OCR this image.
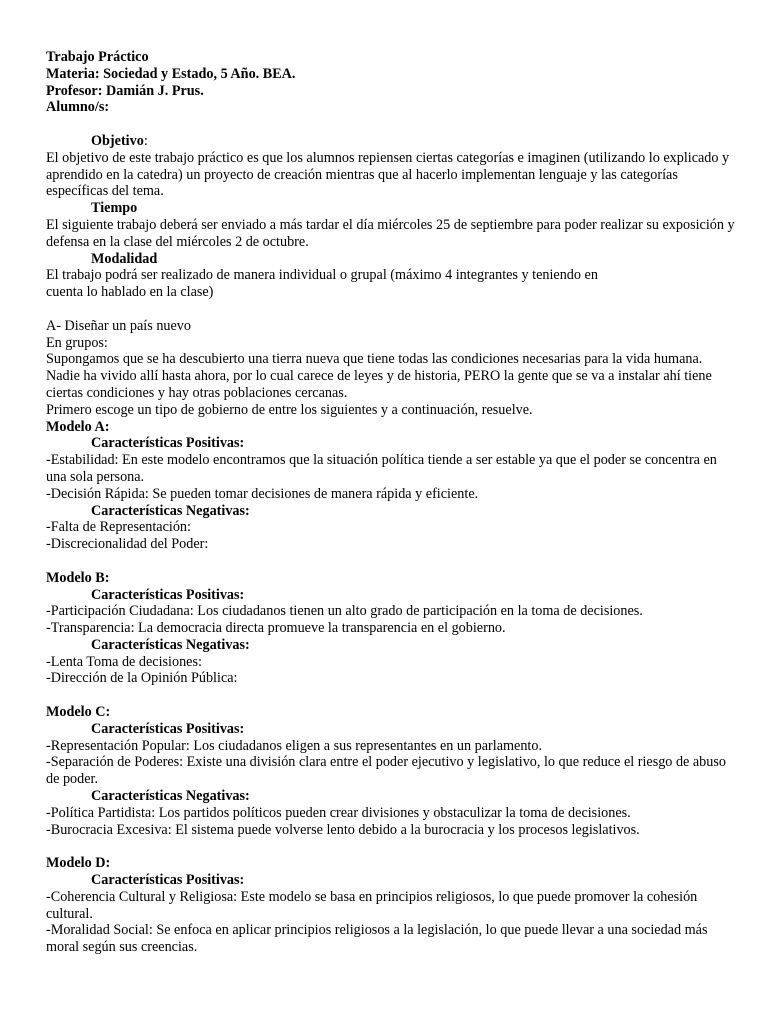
Trabajo Práctico
Materia: Sociedad y Estado, 5 Año. BEA.
Profesor: Damián J. Prus.
Alumno/s:
Objetivo:
El objetivo de este trabajo práctico es que los alumnos repiensen ciertas categorías e imaginen (utilizando lo explicado y aprendido en la catedra) un proyecto de creación mientras que al hacerlo implementan lenguaje y las categorías específicas del tema.
Tiempo
El siguiente trabajo deberá ser enviado a más tardar el día miércoles 25 de septiembre para poder realizar su exposición y defensa en la clase del miércoles 2 de octubre.
Modalidad
El trabajo podrá ser realizado de manera individual o grupal (máximo 4 integrantes y teniendo en
cuenta lo hablado en la clase)
A- Diseñar un país nuevo
En grupos:
Supongamos que se ha descubierto una tierra nueva que tiene todas las condiciones necesarias para la vida humana. Nadie ha vivido allí hasta ahora, por lo cual carece de leyes y de historia, PERO la gente que se va a instalar ahí tiene ciertas condiciones y hay otras poblaciones cercanas.
Primero escoge un tipo de gobierno de entre los siguientes y a continuación, resuelve.
Modelo A:
Características Positivas:
-Estabilidad: En este modelo encontramos que la situación política tiende a ser estable ya que el poder se concentra en una sola persona.
-Decisión Rápida: Se pueden tomar decisiones de manera rápida y eficiente.
Características Negativas:
-Falta de Representación:
-Discrecionalidad del Poder:
Modelo B:
Características Positivas:
-Participación Ciudadana: Los ciudadanos tienen un alto grado de participación en la toma de decisiones.
-Transparencia: La democracia directa promueve la transparencia en el gobierno.
Características Negativas:
-Lenta Toma de decisiones:
-Dirección de la Opinión Pública:
Modelo C:
Características Positivas:
-Representación Popular: Los ciudadanos eligen a sus representantes en un parlamento.
-Separación de Poderes: Existe una división clara entre el poder ejecutivo y legislativo, lo que reduce el riesgo de abuso de poder.
Características Negativas:
-Política Partidista: Los partidos políticos pueden crear divisiones y obstaculizar la toma de decisiones.
-Burocracia Excesiva: El sistema puede volverse lento debido a la burocracia y los procesos legislativos.
Modelo D:
Características Positivas:
-Coherencia Cultural y Religiosa: Este modelo se basa en principios religiosos, lo que puede promover la cohesión cultural.
-Moralidad Social: Se enfoca en aplicar principios religiosos a la legislación, lo que puede llevar a una sociedad más moral según sus creencias.
